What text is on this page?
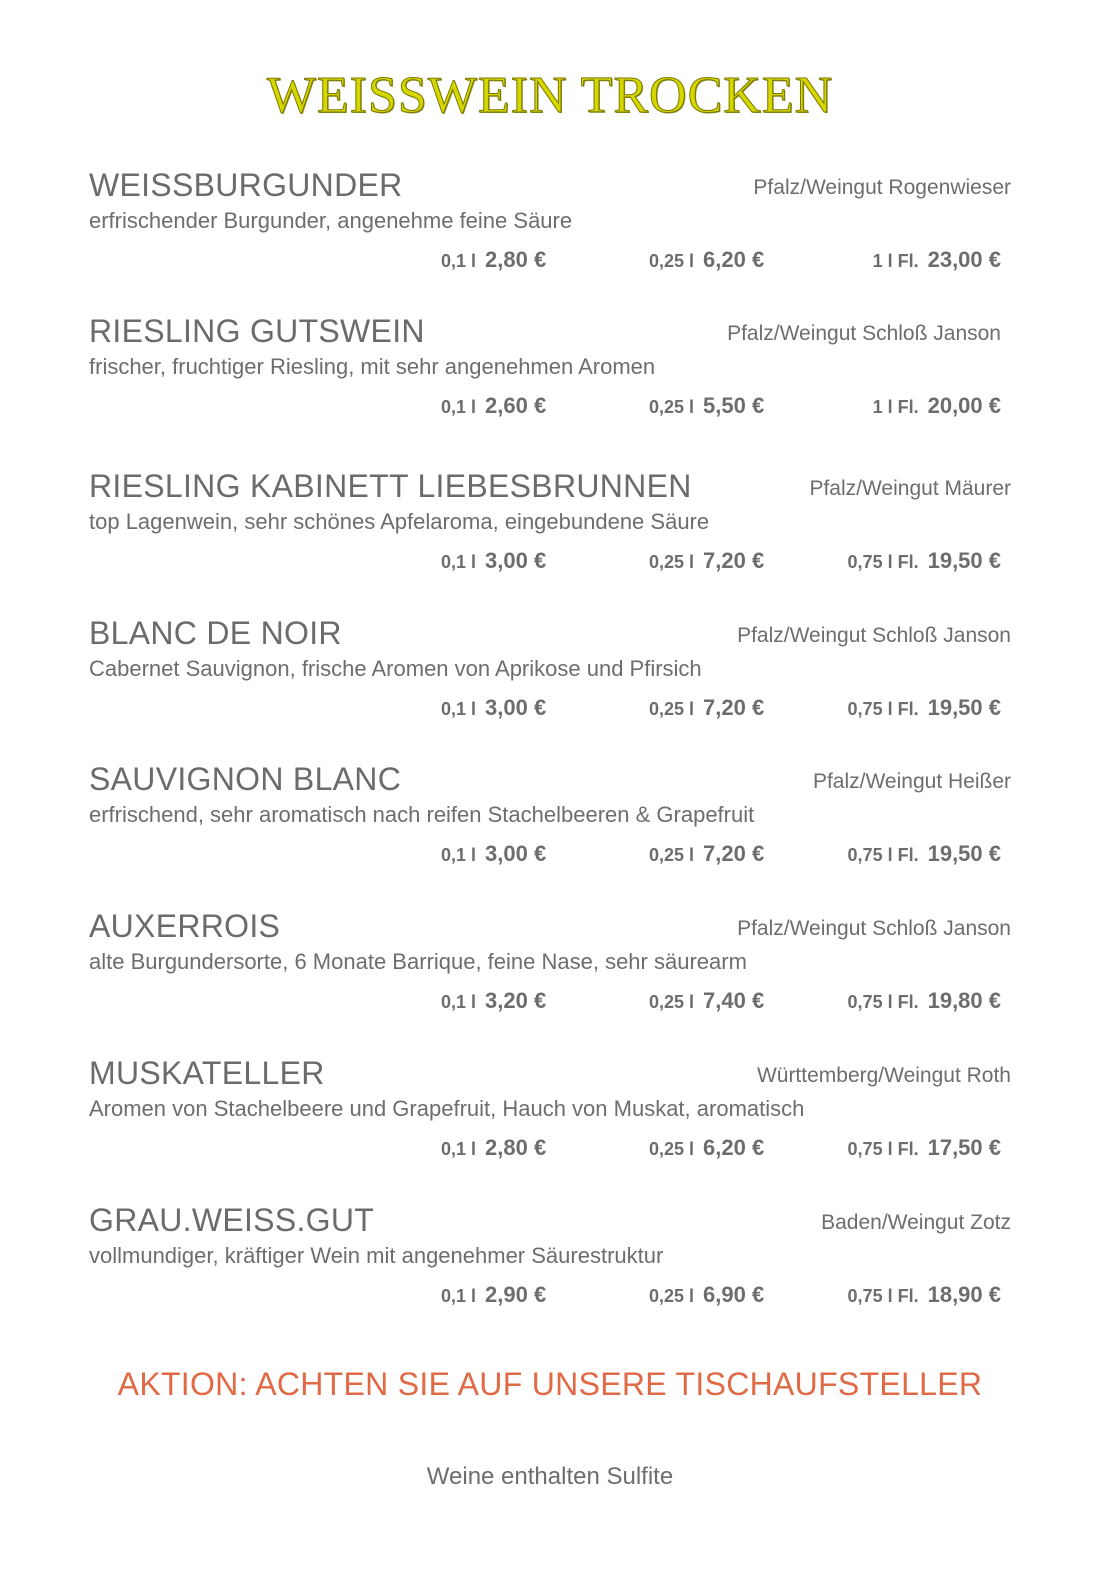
WEISSWEIN TROCKEN
WEISSBURGUNDER	Pfalz/Weingut Rogenwieser
erfrischender Burgunder, angenehme feine Säure
0,1 l 2,80 €	0,25 l 6,20 €	1 l Fl. 23,00 €
RIESLING GUTSWEIN	Pfalz/Weingut Schloß Janson
frischer, fruchtiger Riesling, mit sehr angenehmen Aromen
0,1 l 2,60 €	0,25 l 5,50 €	1 l Fl. 20,00 €
RIESLING KABINETT LIEBESBRUNNEN	Pfalz/Weingut Mäurer
top Lagenwein, sehr schönes Apfelaroma, eingebundene Säure
0,1 l 3,00 €	0,25 l 7,20 €	0,75 l Fl. 19,50 €
BLANC DE NOIR	Pfalz/Weingut Schloß Janson
Cabernet Sauvignon, frische Aromen von Aprikose und Pfirsich
0,1 l 3,00 €	0,25 l 7,20 €	0,75 l Fl. 19,50 €
SAUVIGNON BLANC	Pfalz/Weingut Heißer
erfrischend, sehr aromatisch nach reifen Stachelbeeren & Grapefruit
0,1 l 3,00 €	0,25 l 7,20 €	0,75 l Fl. 19,50 €
AUXERROIS	Pfalz/Weingut Schloß Janson
alte Burgundersorte, 6 Monate Barrique, feine Nase, sehr säurearm
0,1 l 3,20 €	0,25 l 7,40 €	0,75 l Fl. 19,80 €
MUSKATELLER	Württemberg/Weingut Roth
Aromen von Stachelbeere und Grapefruit, Hauch von Muskat, aromatisch
0,1 l 2,80 €	0,25 l 6,20 €	0,75 l Fl. 17,50 €
GRAU.WEISS.GUT	Baden/Weingut Zotz
vollmundiger, kräftiger Wein mit angenehmer Säurestruktur
0,1 l 2,90 €	0,25 l 6,90 €	0,75 l Fl. 18,90 €
AKTION: ACHTEN SIE AUF UNSERE TISCHAUFSTELLER
Weine enthalten Sulfite
